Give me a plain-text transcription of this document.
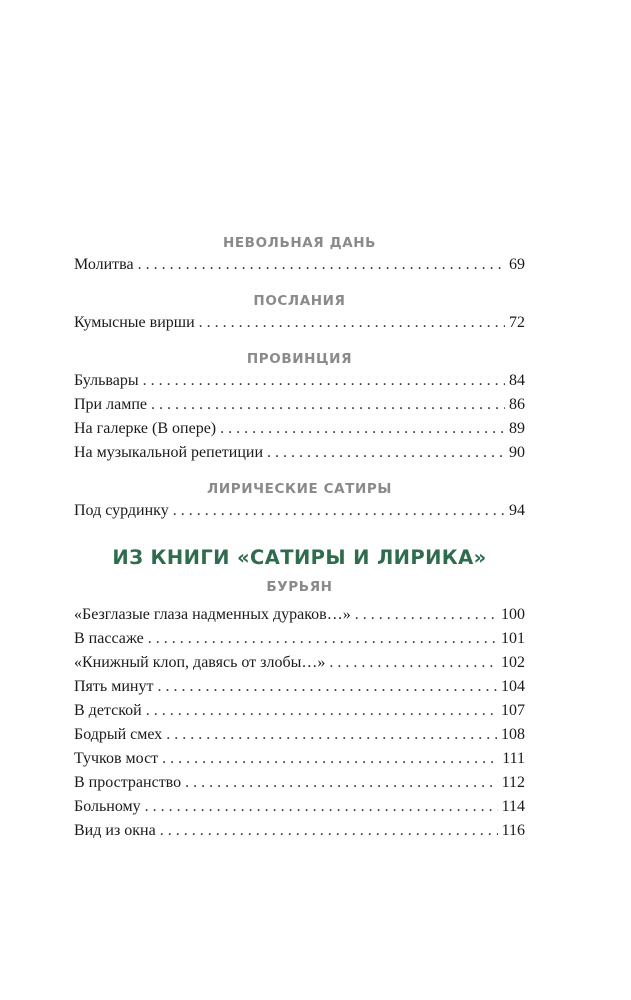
НЕВОЛЬНАЯ ДАНЬ
Молитва . . .	69
ПОСЛАНИЯ
Кумысные вирши . . .	72
ПРОВИНЦИЯ
Бульвары . . .	84
При лампе . . .	86
На галерке (В опере) . . .	89
На музыкальной репетиции . . .	90
ЛИРИЧЕСКИЕ САТИРЫ
Под сурдинку . . .	94
ИЗ КНИГИ «САТИРЫ И ЛИРИКА»
БУРЬЯН
«Безглазые глаза надменных дураков…» . . .	100
В пассаже . . .	101
«Книжный клоп, давясь от злобы…» . . .	102
Пять минут . . .	104
В детской . . .	107
Бодрый смех . . .	108
Тучков мост . . .	111
В пространство . . .	112
Больному . . .	114
Вид из окна . . .	116
